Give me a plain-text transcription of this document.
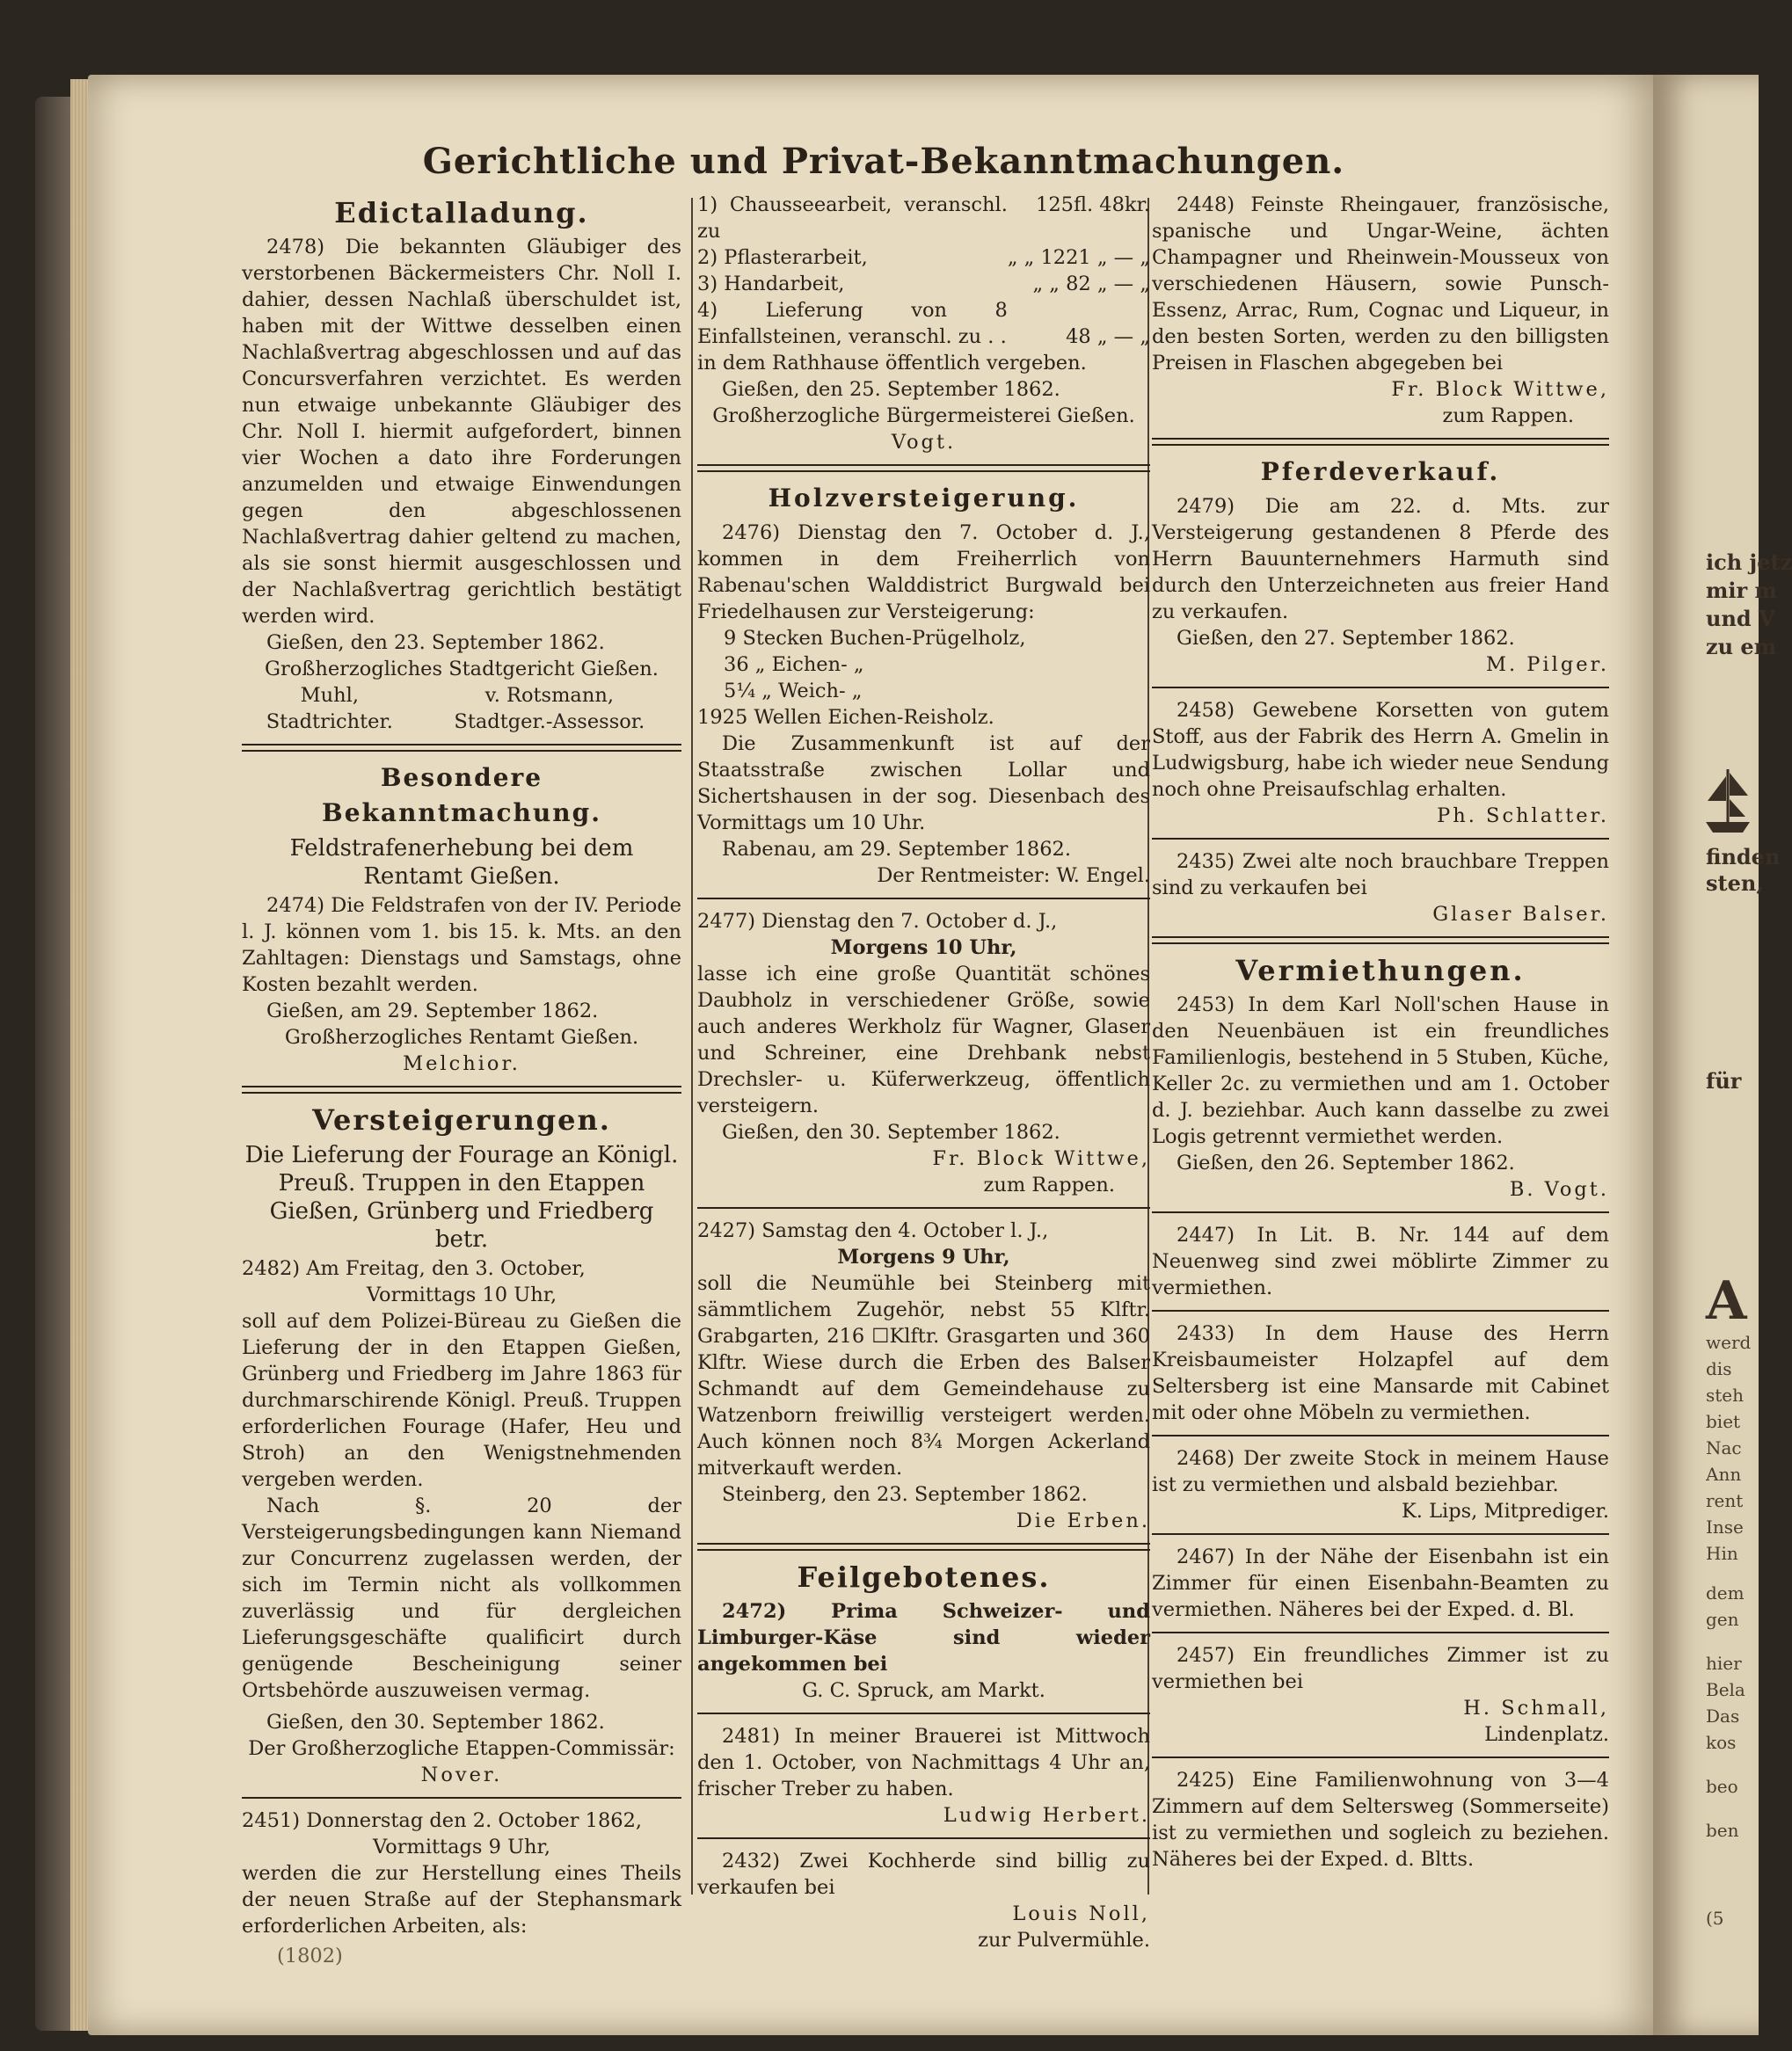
ich jetz
mir m
und V
zu em
finden
sten,
für
A
werd
dis
steh
biet
Nac
Ann
rent
Inse
Hin
dem
gen
hier
Bela
Das
kos
beo
ben
(5
Gerichtliche und Privat-Bekanntmachungen.
Edictalladung.

2478) Die bekannten Gläubiger des verstorbenen Bäckermeisters Chr. Noll I. dahier, dessen Nachlaß überschuldet ist, haben mit der Wittwe desselben einen Nachlaßvertrag abgeschlossen und auf das Concursverfahren verzichtet. Es werden nun etwaige unbekannte Gläubiger des Chr. Noll I. hiermit aufgefordert, binnen vier Wochen a dato ihre Forderungen anzumelden und etwaige Einwendungen gegen den abgeschlossenen Nachlaßvertrag dahier geltend zu machen, als sie sonst hiermit ausgeschlossen und der Nachlaßvertrag gerichtlich bestätigt werden wird.

Gießen, den 23. September 1862.
Großherzogliches Stadtgericht Gießen.
Muhl,	v. Rotsmann,
Stadtrichter.	Stadtger.-Assessor.
Besondere Bekanntmachung.
Feldstrafenerhebung bei dem Rentamt Gießen.

2474) Die Feldstrafen von der IV. Periode l. J. können vom 1. bis 15. k. Mts. an den Zahltagen: Dienstags und Samstags, ohne Kosten bezahlt werden.

Gießen, am 29. September 1862.
Großherzogliches Rentamt Gießen.
Melchior.
Versteigerungen.
Die Lieferung der Fourage an Königl. Preuß. Truppen in den Etappen Gießen, Grünberg und Friedberg betr.
2482) Am Freitag, den 3. October,
Vormittags 10 Uhr,

soll auf dem Polizei-Büreau zu Gießen die Lieferung der in den Etappen Gießen, Grünberg und Friedberg im Jahre 1863 für durchmarschirende Königl. Preuß. Truppen erforderlichen Fourage (Hafer, Heu und Stroh) an den Wenigstnehmenden vergeben werden.

Nach §. 20 der Versteigerungsbedingungen kann Niemand zur Concurrenz zugelassen werden, der sich im Termin nicht als vollkommen zuverlässig und für dergleichen Lieferungsgeschäfte qualificirt durch genügende Bescheinigung seiner Ortsbehörde auszuweisen vermag.

Gießen, den 30. September 1862.
Der Großherzogliche Etappen-Commissär:
Nover.
2451) Donnerstag den 2. October 1862,
Vormittags 9 Uhr,

werden die zur Herstellung eines Theils der neuen Straße auf der Stephansmark erforderlichen Arbeiten, als:

(1802)
1) Chausseearbeit, veranschl. zu	125fl. 48kr.
2) Pflasterarbeit,	„ „ 1221 „ — „
3) Handarbeit,	„ „ 82 „ — „
4) Lieferung von 8 Einfallsteinen, veranschl. zu . .	48 „ — „
in dem Rathhause öffentlich vergeben.
Gießen, den 25. September 1862.
Großherzogliche Bürgermeisterei Gießen.
Vogt.
Holzversteigerung.

2476) Dienstag den 7. October d. J., kommen in dem Freiherrlich von Rabenau'schen Walddistrict Burgwald bei Friedelhausen zur Versteigerung:

9 Stecken Buchen-Prügelholz,
36 „ Eichen- „
5¼ „ Weich- „
1925 Wellen Eichen-Reisholz.

Die Zusammenkunft ist auf der Staatsstraße zwischen Lollar und Sichertshausen in der sog. Diesenbach des Vormittags um 10 Uhr.

Rabenau, am 29. September 1862.
Der Rentmeister: W. Engel.
2477) Dienstag den 7. October d. J.,
Morgens 10 Uhr,

lasse ich eine große Quantität schönes Daubholz in verschiedener Größe, sowie auch anderes Werkholz für Wagner, Glaser und Schreiner, eine Drehbank nebst Drechsler- u. Küferwerkzeug, öffentlich versteigern.

Gießen, den 30. September 1862.
Fr. Block Wittwe,
zum Rappen.
2427) Samstag den 4. October l. J.,
Morgens 9 Uhr,

soll die Neumühle bei Steinberg mit sämmtlichem Zugehör, nebst 55 Klftr. Grabgarten, 216 ☐Klftr. Grasgarten und 360 Klftr. Wiese durch die Erben des Balser Schmandt auf dem Gemeindehause zu Watzenborn freiwillig versteigert werden. Auch können noch 8¾ Morgen Ackerland mitverkauft werden.

Steinberg, den 23. September 1862.
Die Erben.
Feilgebotenes.

2472) Prima Schweizer- und Limburger-Käse sind wieder angekommen bei

G. C. Spruck, am Markt.

2481) In meiner Brauerei ist Mittwoch den 1. October, von Nachmittags 4 Uhr an, frischer Treber zu haben.

Ludwig Herbert.

2432) Zwei Kochherde sind billig zu verkaufen bei

Louis Noll,
zur Pulvermühle.

2448) Feinste Rheingauer, französische, spanische und Ungar-Weine, ächten Champagner und Rheinwein-Mousseux von verschiedenen Häusern, sowie Punsch-Essenz, Arrac, Rum, Cognac und Liqueur, in den besten Sorten, werden zu den billigsten Preisen in Flaschen abgegeben bei

Fr. Block Wittwe,
zum Rappen.
Pferdeverkauf.

2479) Die am 22. d. Mts. zur Versteigerung gestandenen 8 Pferde des Herrn Bauunternehmers Harmuth sind durch den Unterzeichneten aus freier Hand zu verkaufen.

Gießen, den 27. September 1862.
M. Pilger.

2458) Gewebene Korsetten von gutem Stoff, aus der Fabrik des Herrn A. Gmelin in Ludwigsburg, habe ich wieder neue Sendung noch ohne Preisaufschlag erhalten.

Ph. Schlatter.

2435) Zwei alte noch brauchbare Treppen sind zu verkaufen bei

Glaser Balser.
Vermiethungen.

2453) In dem Karl Noll'schen Hause in den Neuenbäuen ist ein freundliches Familienlogis, bestehend in 5 Stuben, Küche, Keller 2c. zu vermiethen und am 1. October d. J. beziehbar. Auch kann dasselbe zu zwei Logis getrennt vermiethet werden.

Gießen, den 26. September 1862.
B. Vogt.

2447) In Lit. B. Nr. 144 auf dem Neuenweg sind zwei möblirte Zimmer zu vermiethen.

2433) In dem Hause des Herrn Kreisbaumeister Holzapfel auf dem Seltersberg ist eine Mansarde mit Cabinet mit oder ohne Möbeln zu vermiethen.

2468) Der zweite Stock in meinem Hause ist zu vermiethen und alsbald beziehbar.

K. Lips, Mitprediger.

2467) In der Nähe der Eisenbahn ist ein Zimmer für einen Eisenbahn-Beamten zu vermiethen. Näheres bei der Exped. d. Bl.

2457) Ein freundliches Zimmer ist zu vermiethen bei

H. Schmall,
Lindenplatz.

2425) Eine Familienwohnung von 3—4 Zimmern auf dem Seltersweg (Sommerseite) ist zu vermiethen und sogleich zu beziehen. Näheres bei der Exped. d. Bltts.
